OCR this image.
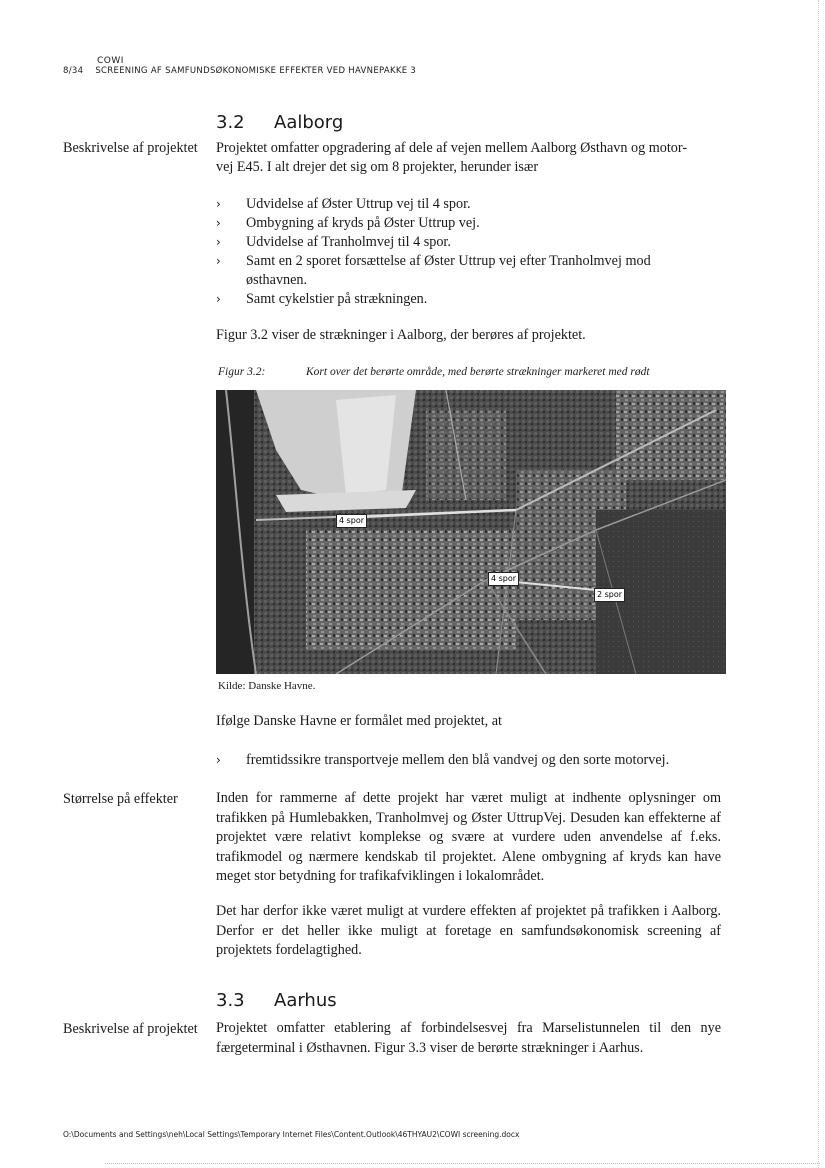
COWI
8/34 SCREENING AF SAMFUNDSØKONOMISKE EFFEKTER VED HAVNEPAKKE 3
3.2 Aalborg
Beskrivelse af projektet	Projektet omfatter opgradering af dele af vejen mellem Aalborg Østhavn og motor-
vej E45. I alt drejer det sig om 8 projekter, herunder især
› Udvidelse af Øster Uttrup vej til 4 spor.
› Ombygning af kryds på Øster Uttrup vej.
› Udvidelse af Tranholmvej til 4 spor.
› Samt en 2 sporet forsættelse af Øster Uttrup vej efter Tranholmvej mod østhavnen.
› Samt cykelstier på strækningen.
Figur 3.2 viser de strækninger i Aalborg, der berøres af projektet.
Figur 3.2:	Kort over det berørte område, med berørte strækninger markeret med rødt
4 spor
4 spor
2 spor
Kilde: Danske Havne.
Ifølge Danske Havne er formålet med projektet, at
› fremtidssikre transportveje mellem den blå vandvej og den sorte motorvej.
Størrelse på effekter	Inden for rammerne af dette projekt har været muligt at indhente oplysninger om trafikken på Humlebakken, Tranholmvej og Øster UttrupVej. Desuden kan effekterne af projektet være relativt komplekse og svære at vurdere uden anvendelse af f.eks. trafikmodel og nærmere kendskab til projektet. Alene ombygning af kryds kan have meget stor betydning for trafikafviklingen i lokalområdet.
Det har derfor ikke været muligt at vurdere effekten af projektet på trafikken i Aalborg. Derfor er det heller ikke muligt at foretage en samfundsøkonomisk screening af projektets fordelagtighed.
3.3 Aarhus
Beskrivelse af projektet	Projektet omfatter etablering af forbindelsesvej fra Marselistunnelen til den nye færgeterminal i Østhavnen. Figur 3.3 viser de berørte strækninger i Aarhus.
O:\Documents and Settings\neh\Local Settings\Temporary Internet Files\Content.Outlook\46THYAU2\COWI screening.docx
